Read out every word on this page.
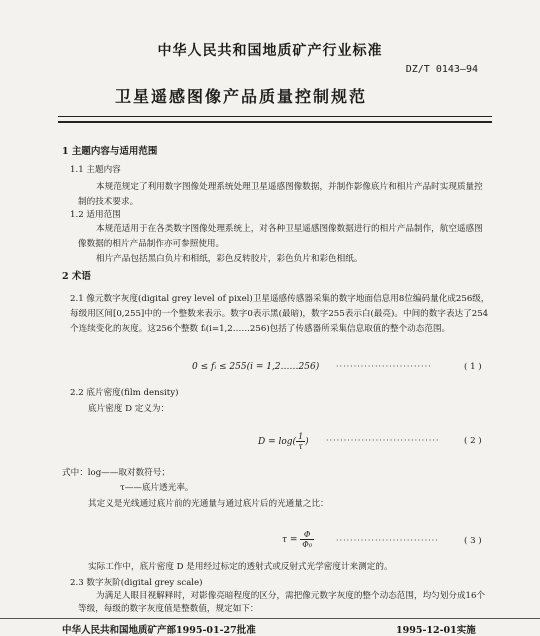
中华人民共和国地质矿产行业标准
DZ/T 0143—94
卫星遥感图像产品质量控制规范
1 主题内容与适用范围
1.1 主题内容
本规范规定了利用数字图像处理系统处理卫星遥感图像数据，并制作影像底片和相片产品时实现质量控制的技术要求。
1.2 适用范围
本规范适用于在各类数字图像处理系统上，对各种卫星遥感图像数据进行的相片产品制作，航空遥感图像数据的相片产品制作亦可参照使用。
相片产品包括黑白负片和相纸，彩色反转胶片，彩色负片和彩色相纸。
2 术语
2.1 像元数字灰度(digital grey level of pixel)卫星遥感传感器采集的数字地面信息用8位编码量化成256级，每级用区间[0,255]中的一个整数来表示。数字0表示黑(最暗)，数字255表示白(最亮)。中间的数字表达了254个连续变化的灰度。这256个整数 fᵢ(i=1,2……256)包括了传感器所采集信息取值的整个动态范围。
0 ≤ fᵢ ≤ 255(i = 1,2……256) ···························	( 1 )
2.2 底片密度(film density)
底片密度 D 定义为：
$D = \log( \frac{1}{\tau}$ ) ································	( 2 )
式中：log——取对数符号；
τ——底片透光率。
其定义是光线通过底片前的光通量与通过底片后的光通量之比：
$\tau = \frac{\Phi}{\text{Φ₀}}$	·····························	( 3 )
实际工作中，底片密度 D 是用经过标定的透射式或反射式光学密度计来测定的。
2.3 数字灰阶(digital grey scale)
为满足人眼目视解释时，对影像亮暗程度的区分，需把像元数字灰度的整个动态范围，均匀划分成16个等级，每级的数字灰度值是整数值，规定如下：
中华人民共和国地质矿产部1995-01-27批准	1995-12-01实施
